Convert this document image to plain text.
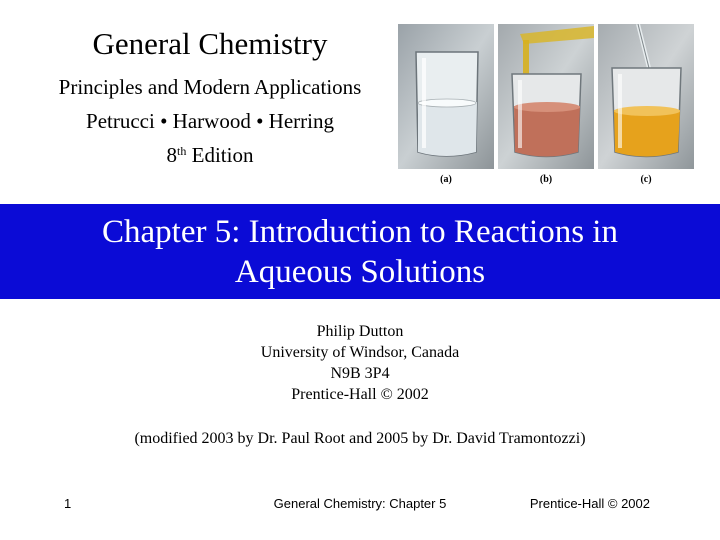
General Chemistry
Principles and Modern Applications
Petrucci • Harwood • Herring
8th Edition
(a)	(b)	(c)
Chapter 5: Introduction to Reactions in
Aqueous Solutions
Philip Dutton
University of Windsor, Canada
N9B 3P4
Prentice-Hall © 2002
(modified 2003 by Dr. Paul Root and 2005 by Dr. David Tramontozzi)
1	General Chemistry: Chapter 5	Prentice-Hall © 2002
